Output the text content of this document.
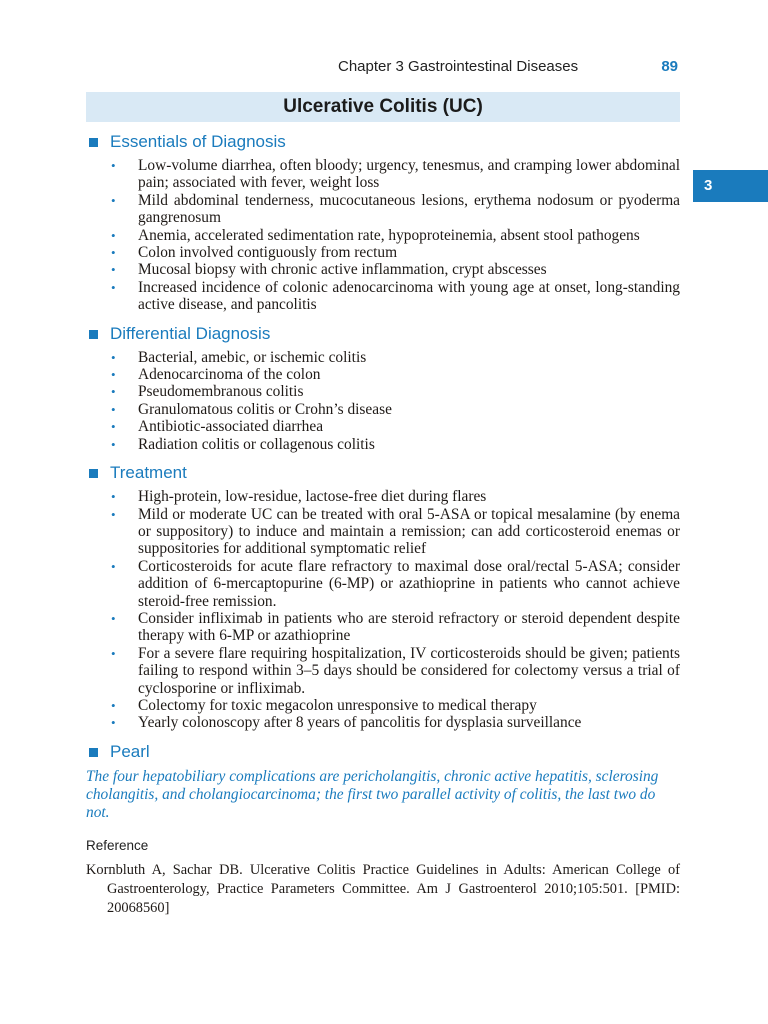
Chapter 3 Gastrointestinal Diseases	89
Ulcerative Colitis (UC)
3
Essentials of Diagnosis
• Low-volume diarrhea, often bloody; urgency, tenesmus, and cramping lower abdominal pain; associated with fever, weight loss
• Mild abdominal tenderness, mucocutaneous lesions, erythema nodosum or pyoderma gangrenosum
• Anemia, accelerated sedimentation rate, hypoproteinemia, absent stool pathogens
• Colon involved contiguously from rectum
• Mucosal biopsy with chronic active inflammation, crypt abscesses
• Increased incidence of colonic adenocarcinoma with young age at onset, long-standing active disease, and pancolitis
Differential Diagnosis
• Bacterial, amebic, or ischemic colitis
• Adenocarcinoma of the colon
• Pseudomembranous colitis
• Granulomatous colitis or Crohn’s disease
• Antibiotic-associated diarrhea
• Radiation colitis or collagenous colitis
Treatment
• High-protein, low-residue, lactose-free diet during flares
• Mild or moderate UC can be treated with oral 5-ASA or topical mesalamine (by enema or suppository) to induce and maintain a remission; can add corticosteroid enemas or suppositories for additional symptomatic relief
• Corticosteroids for acute flare refractory to maximal dose oral/rectal 5-ASA; consider addition of 6-mercaptopurine (6-MP) or azathioprine in patients who cannot achieve steroid-free remission.
• Consider infliximab in patients who are steroid refractory or steroid dependent despite therapy with 6-MP or azathioprine
• For a severe flare requiring hospitalization, IV corticosteroids should be given; patients failing to respond within 3–5 days should be considered for colectomy versus a trial of cyclosporine or infliximab.
• Colectomy for toxic megacolon unresponsive to medical therapy
• Yearly colonoscopy after 8 years of pancolitis for dysplasia surveillance
Pearl
The four hepatobiliary complications are pericholangitis, chronic active hepatitis, sclerosing cholangitis, and cholangiocarcinoma; the first two parallel activity of colitis, the last two do not.
Reference
Kornbluth A, Sachar DB. Ulcerative Colitis Practice Guidelines in Adults: American College of Gastroenterology, Practice Parameters Committee. Am J Gastroenterol 2010;105:501. [PMID: 20068560]
